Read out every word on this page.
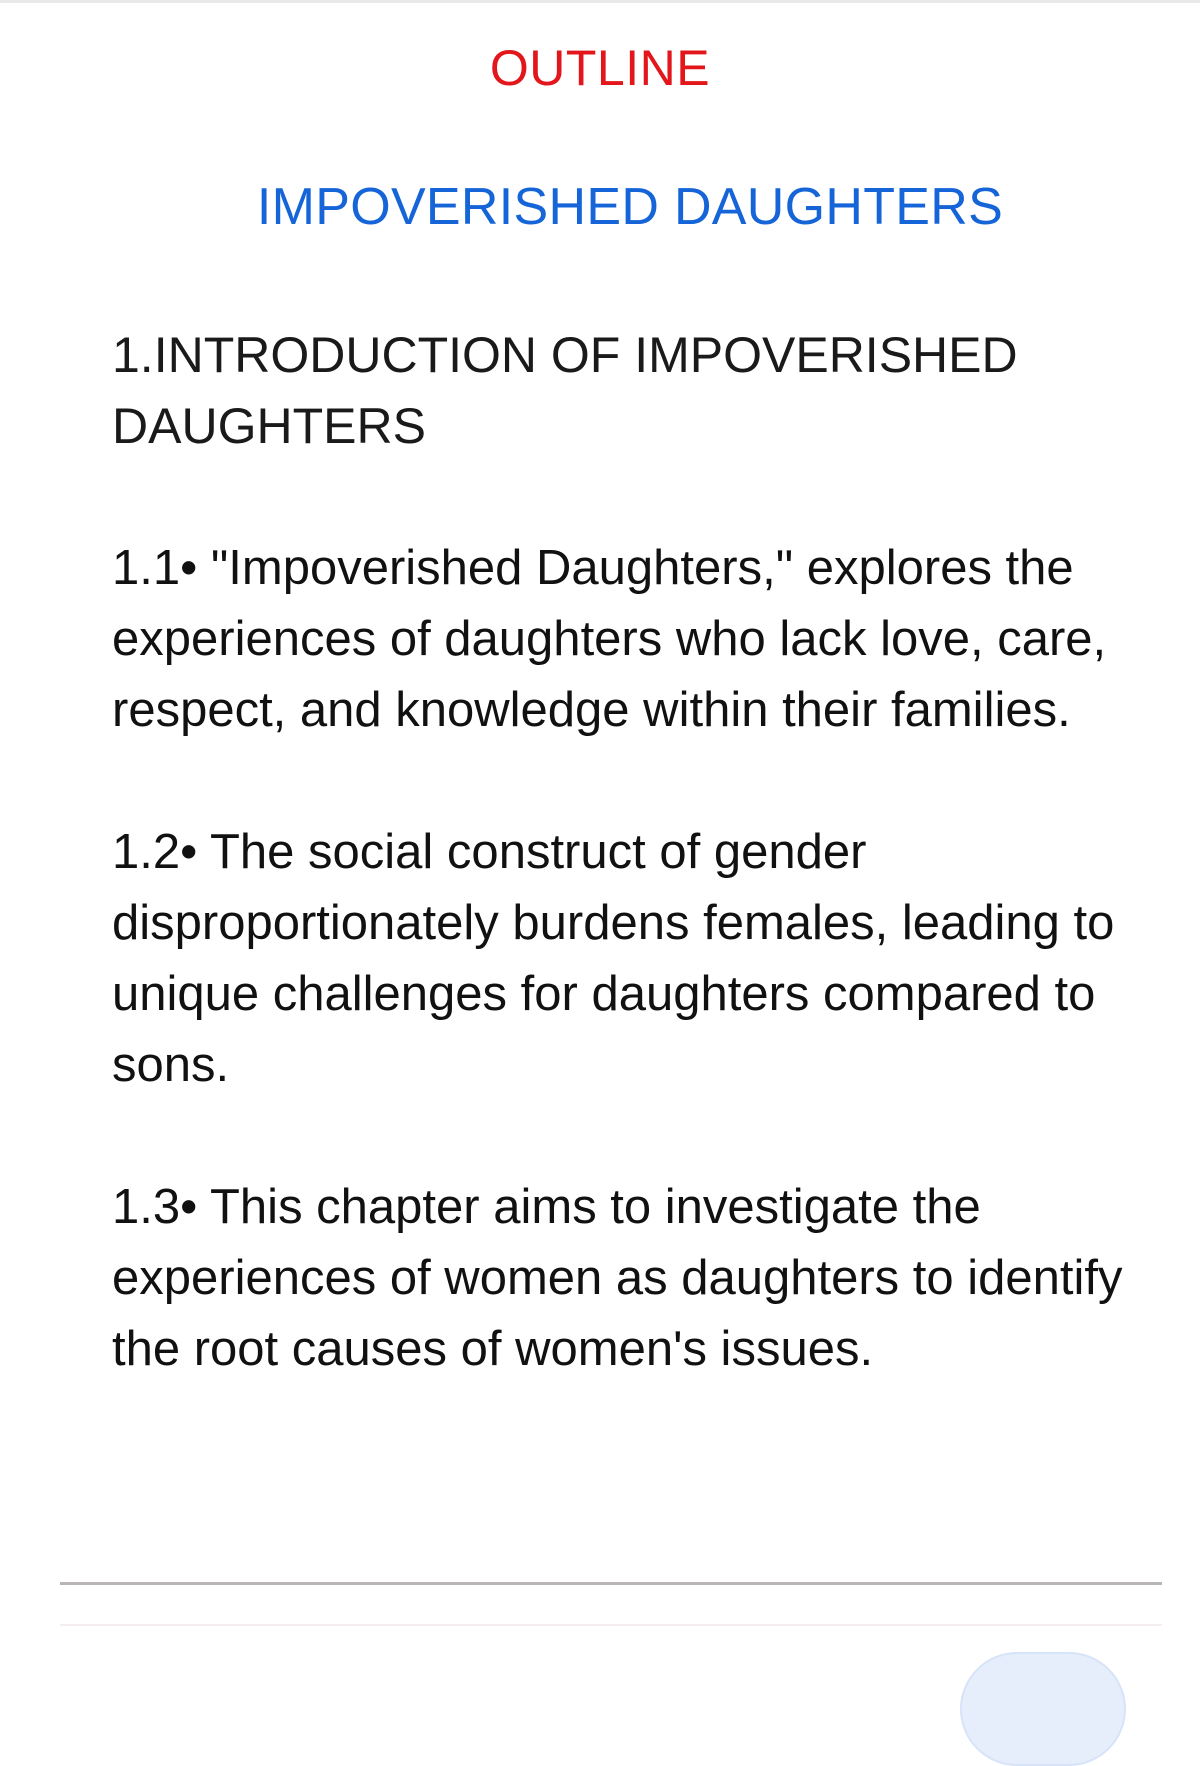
OUTLINE
IMPOVERISHED DAUGHTERS

1.INTRODUCTION OF IMPOVERISHED DAUGHTERS

1.1• "Impoverished Daughters," explores the experiences of daughters who lack love, care, respect, and knowledge within their families.

1.2• The social construct of gender disproportionately burdens females, leading to unique challenges for daughters compared to sons.

1.3• This chapter aims to investigate the experiences of women as daughters to identify the root causes of women's issues.
